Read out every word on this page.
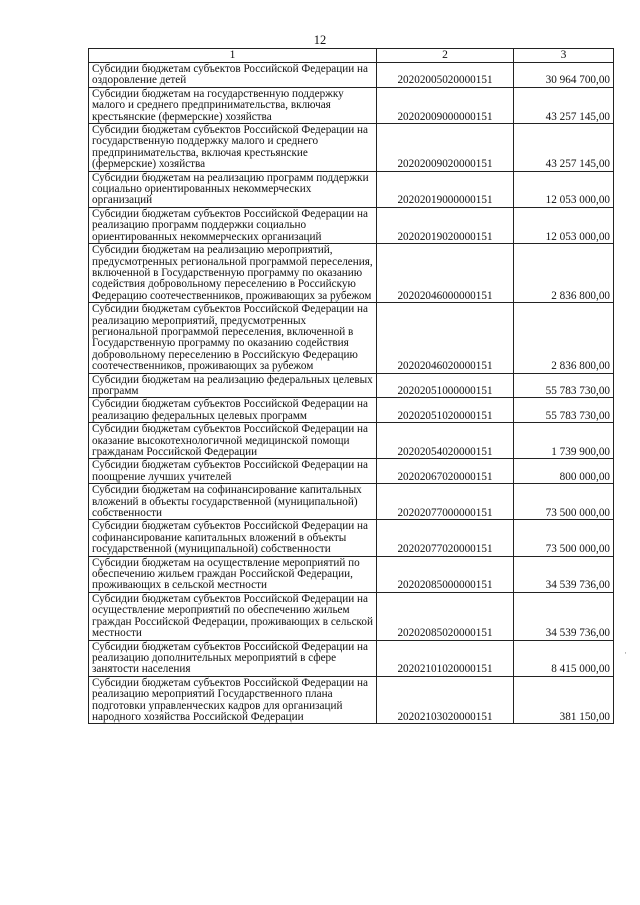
12
1	2	3
Субсидии бюджетам субъектов Российской Федерации на оздоровление детей	20202005020000151	30 964 700,00
Субсидии бюджетам на государственную поддержку малого и среднего предпринимательства, включая крестьянские (фермерские) хозяйства	20202009000000151	43 257 145,00
Субсидии бюджетам субъектов Российской Федерации на государственную поддержку малого и среднего предпринимательства, включая крестьянские (фермерские) хозяйства	20202009020000151	43 257 145,00
Субсидии бюджетам на реализацию программ поддержки социально ориентированных некоммерческих организаций	20202019000000151	12 053 000,00
Субсидии бюджетам субъектов Российской Федерации на реализацию программ поддержки социально ориентированных некоммерческих организаций	20202019020000151	12 053 000,00
Субсидии бюджетам на реализацию мероприятий, предусмотренных региональной программой переселения, включенной в Государственную программу по оказанию содействия добровольному переселению в Российскую Федерацию соотечественников, проживающих за рубежом	20202046000000151	2 836 800,00
Субсидии бюджетам субъектов Российской Федерации на реализацию мероприятий, предусмотренных региональной программой переселения, включенной в Государственную программу по оказанию содействия добровольному переселению в Российскую Федерацию соотечественников, проживающих за рубежом	20202046020000151	2 836 800,00
Субсидии бюджетам на реализацию федеральных целевых программ	20202051000000151	55 783 730,00
Субсидии бюджетам субъектов Российской Федерации на реализацию федеральных целевых программ	20202051020000151	55 783 730,00
Субсидии бюджетам субъектов Российской Федерации на оказание высокотехнологичной медицинской помощи гражданам Российской Федерации	20202054020000151	1 739 900,00
Субсидии бюджетам субъектов Российской Федерации на поощрение лучших учителей	20202067020000151	800 000,00
Субсидии бюджетам на софинансирование капитальных вложений в объекты государственной (муниципальной) собственности	20202077000000151	73 500 000,00
Субсидии бюджетам субъектов Российской Федерации на софинансирование капитальных вложений в объекты государственной (муниципальной) собственности	20202077020000151	73 500 000,00
Субсидии бюджетам на осуществление мероприятий по обеспечению жильем граждан Российской Федерации, проживающих в сельской местности	20202085000000151	34 539 736,00
Субсидии бюджетам субъектов Российской Федерации на осуществление мероприятий по обеспечению жильем граждан Российской Федерации, проживающих в сельской местности	20202085020000151	34 539 736,00
Субсидии бюджетам субъектов Российской Федерации на реализацию дополнительных мероприятий в сфере занятости населения	20202101020000151	8 415 000,00
Субсидии бюджетам субъектов Российской Федерации на реализацию мероприятий Государственного плана подготовки управленческих кадров для организаций народного хозяйства Российской Федерации	20202103020000151	381 150,00
·
